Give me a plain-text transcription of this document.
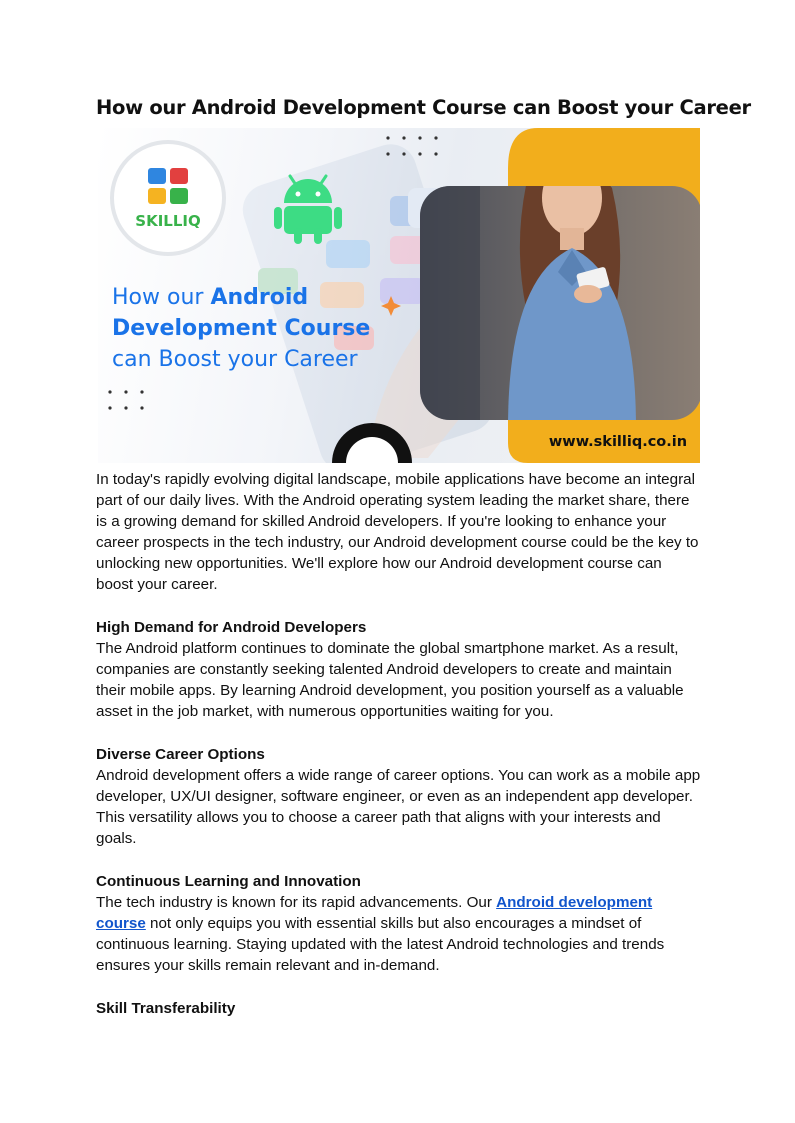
How our Android Development Course can Boost your Career
SKILLIQ
How our Android
Development Course
can Boost your Career
www.skilliq.co.in

In today's rapidly evolving digital landscape, mobile applications have become an integral part of our daily lives. With the Android operating system leading the market share, there is a growing demand for skilled Android developers. If you're looking to enhance your career prospects in the tech industry, our Android development course could be the key to unlocking new opportunities. We'll explore how our Android development course can boost your career.

High Demand for Android Developers

The Android platform continues to dominate the global smartphone market. As a result, companies are constantly seeking talented Android developers to create and maintain their mobile apps. By learning Android development, you position yourself as a valuable asset in the job market, with numerous opportunities waiting for you.

Diverse Career Options

Android development offers a wide range of career options. You can work as a mobile app developer, UX/UI designer, software engineer, or even as an independent app developer. This versatility allows you to choose a career path that aligns with your interests and goals.

Continuous Learning and Innovation

The tech industry is known for its rapid advancements. Our Android development course not only equips you with essential skills but also encourages a mindset of continuous learning. Staying updated with the latest Android technologies and trends ensures your skills remain relevant and in-demand.

Skill Transferability
